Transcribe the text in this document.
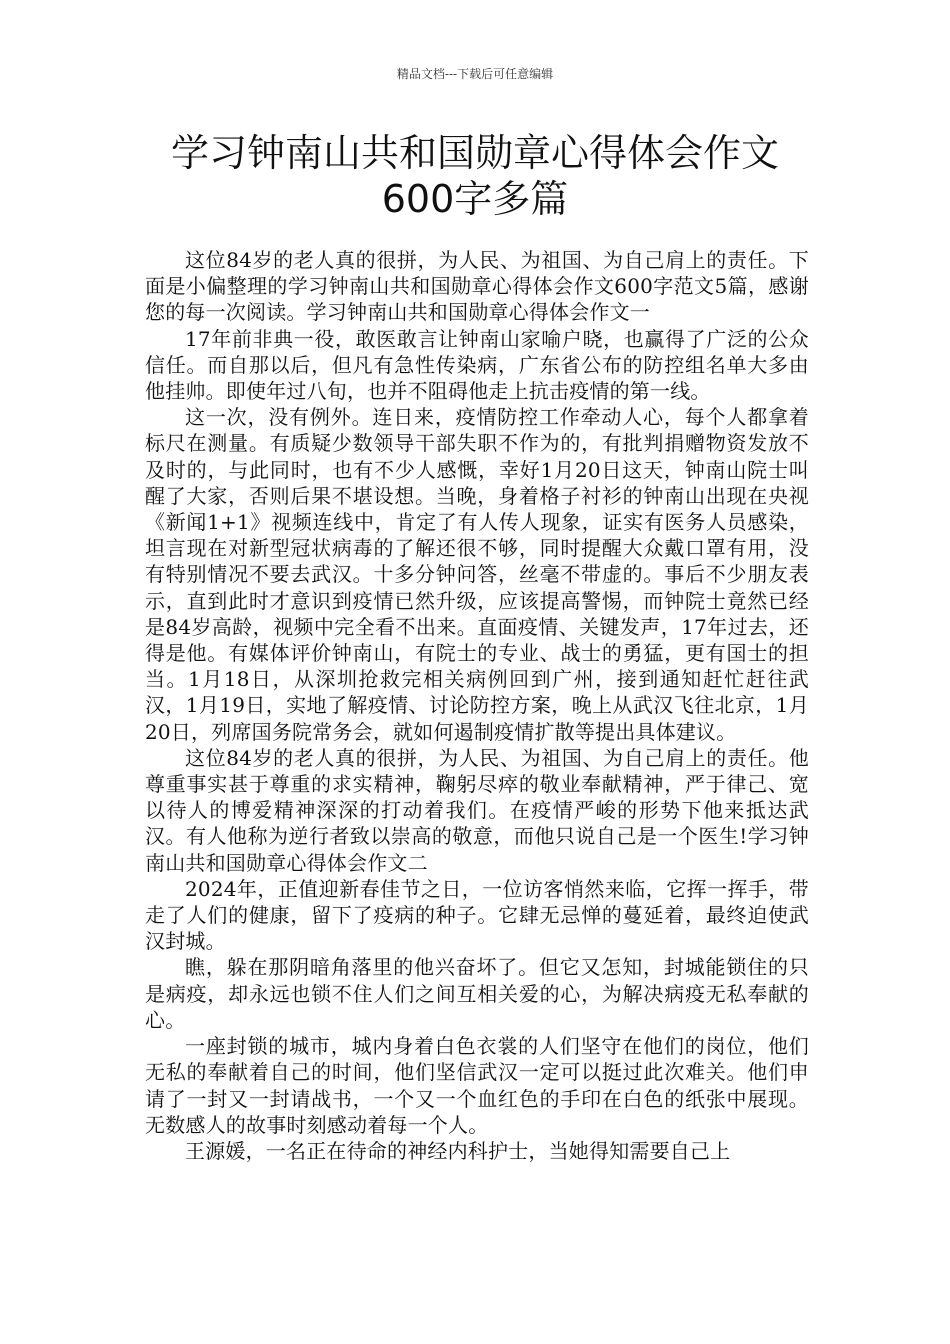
精品文档---下载后可任意编辑
学习钟南山共和国勋章心得体会作文
600字多篇

这位84岁的老人真的很拼，为人民、为祖国、为自己肩上的责任。下面是小偏整理的学习钟南山共和国勋章心得体会作文600字范文5篇，感谢您的每一次阅读。学习钟南山共和国勋章心得体会作文一

17年前非典一役，敢医敢言让钟南山家喻户晓，也赢得了广泛的公众信任。而自那以后，但凡有急性传染病，广东省公布的防控组名单大多由他挂帅。即使年过八旬，也并不阻碍他走上抗击疫情的第一线。

这一次，没有例外。连日来，疫情防控工作牵动人心，每个人都拿着标尺在测量。有质疑少数领导干部失职不作为的，有批判捐赠物资发放不及时的，与此同时，也有不少人感慨，幸好1月20日这天，钟南山院士叫醒了大家，否则后果不堪设想。当晚，身着格子衬衫的钟南山出现在央视《新闻1+1》视频连线中，肯定了有人传人现象，证实有医务人员感染，坦言现在对新型冠状病毒的了解还很不够，同时提醒大众戴口罩有用，没有特别情况不要去武汉。十多分钟问答，丝毫不带虚的。事后不少朋友表示，直到此时才意识到疫情已然升级，应该提高警惕，而钟院士竟然已经是84岁高龄，视频中完全看不出来。直面疫情、关键发声，17年过去，还得是他。有媒体评价钟南山，有院士的专业、战士的勇猛，更有国士的担当。1月18日，从深圳抢救完相关病例回到广州，接到通知赶忙赶往武汉，1月19日，实地了解疫情、讨论防控方案，晚上从武汉飞往北京，1月20日，列席国务院常务会，就如何遏制疫情扩散等提出具体建议。

这位84岁的老人真的很拼，为人民、为祖国、为自己肩上的责任。他尊重事实甚于尊重的求实精神，鞠躬尽瘁的敬业奉献精神，严于律己、宽以待人的博爱精神深深的打动着我们。在疫情严峻的形势下他来抵达武汉。有人他称为逆行者致以崇高的敬意，而他只说自己是一个医生!学习钟南山共和国勋章心得体会作文二

2024年，正值迎新春佳节之日，一位访客悄然来临，它挥一挥手，带走了人们的健康，留下了疫病的种子。它肆无忌惮的蔓延着，最终迫使武汉封城。

瞧，躲在那阴暗角落里的他兴奋坏了。但它又怎知，封城能锁住的只是病疫，却永远也锁不住人们之间互相关爱的心，为解决病疫无私奉献的心。

一座封锁的城市，城内身着白色衣裳的人们坚守在他们的岗位，他们无私的奉献着自己的时间，他们坚信武汉一定可以挺过此次难关。他们申请了一封又一封请战书，一个又一个血红色的手印在白色的纸张中展现。无数感人的故事时刻感动着每一个人。

王源媛，一名正在待命的神经内科护士，当她得知需要自己上
